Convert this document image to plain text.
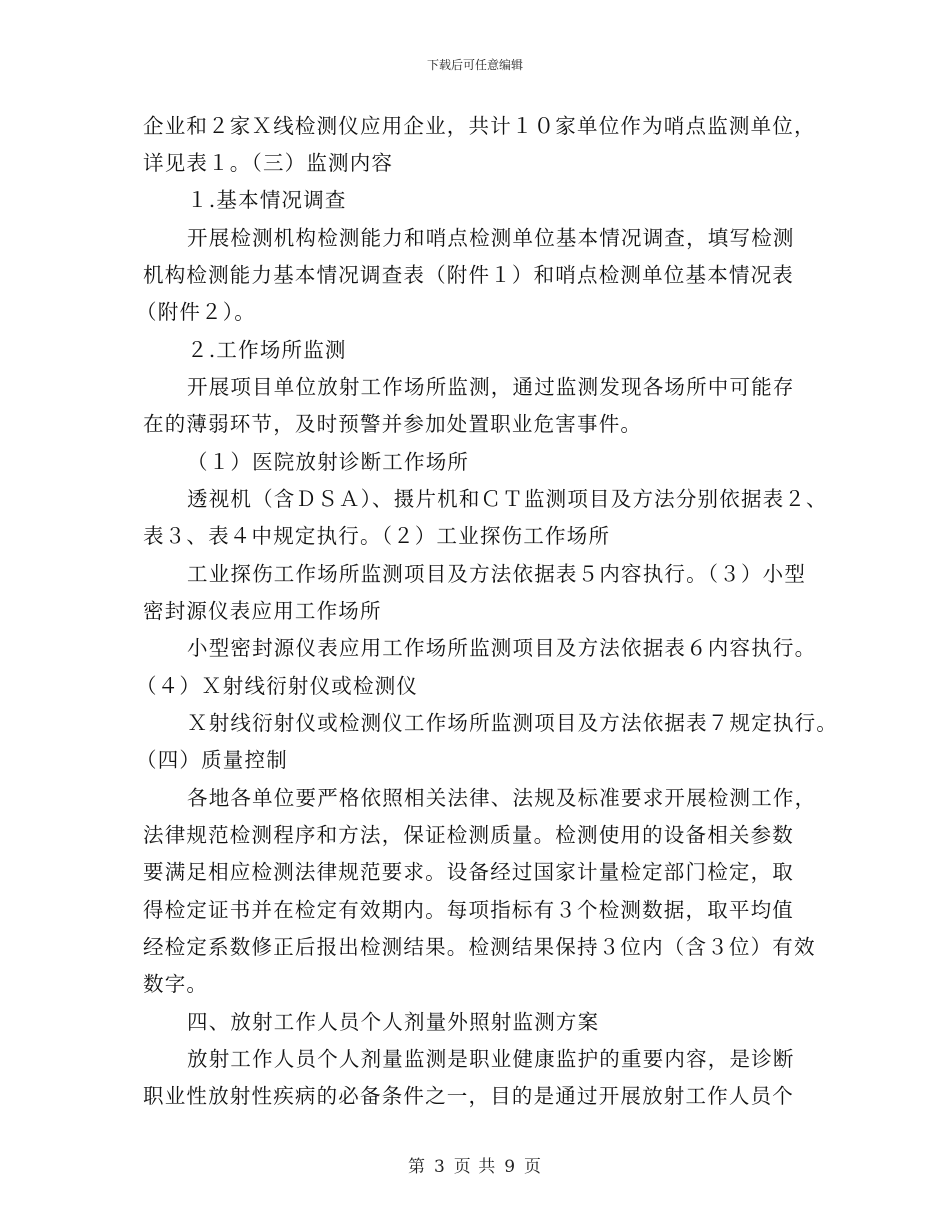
下载后可任意编辑
企业和２家Ｘ线检测仪应用企业，共计１０家单位作为哨点监测单位，
详见表１。（三）监测内容
１.基本情况调查
开展检测机构检测能力和哨点检测单位基本情况调查，填写检测
机构检测能力基本情况调查表（附件１）和哨点检测单位基本情况表
（附件２）。
２.工作场所监测
开展项目单位放射工作场所监测，通过监测发现各场所中可能存
在的薄弱环节，及时预警并参加处置职业危害事件。
（１）医院放射诊断工作场所
透视机（含ＤＳＡ）、摄片机和ＣＴ监测项目及方法分别依据表２、
表３、表４中规定执行。（２）工业探伤工作场所
工业探伤工作场所监测项目及方法依据表５内容执行。（３）小型
密封源仪表应用工作场所
小型密封源仪表应用工作场所监测项目及方法依据表６内容执行。
（４）Ｘ射线衍射仪或检测仪
Ｘ射线衍射仪或检测仪工作场所监测项目及方法依据表７规定执行。
（四）质量控制
各地各单位要严格依照相关法律、法规及标准要求开展检测工作，
法律规范检测程序和方法，保证检测质量。检测使用的设备相关参数
要满足相应检测法律规范要求。设备经过国家计量检定部门检定，取
得检定证书并在检定有效期内。每项指标有３个检测数据，取平均值
经检定系数修正后报出检测结果。检测结果保持３位内（含３位）有效
数字。
四、放射工作人员个人剂量外照射监测方案
放射工作人员个人剂量监测是职业健康监护的重要内容，是诊断
职业性放射性疾病的必备条件之一，目的是通过开展放射工作人员个
第 3 页 共 9 页
